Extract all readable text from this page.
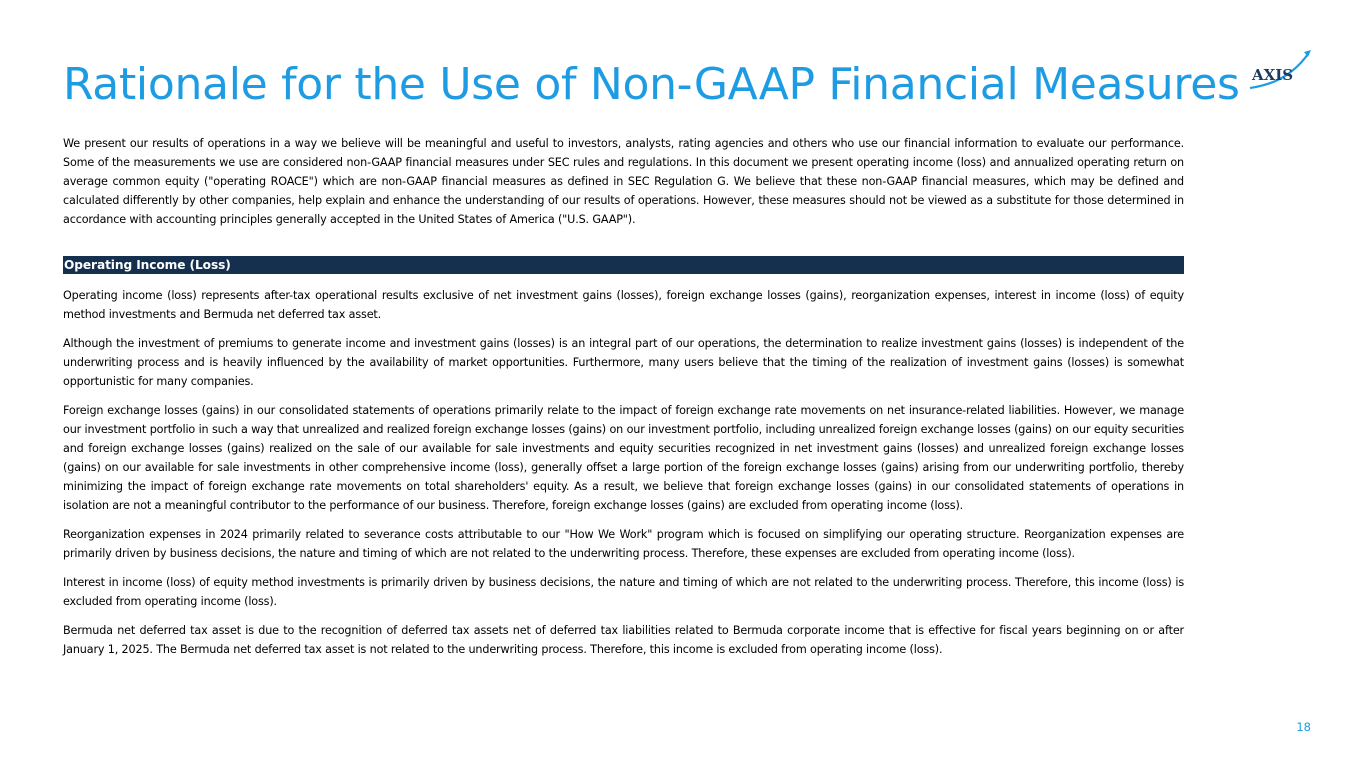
Rationale for the Use of Non-GAAP Financial Measures AXIS

We present our results of operations in a way we believe will be meaningful and useful to investors, analysts, rating agencies and others who use our financial information to evaluate our performance. Some of the measurements we use are considered non-GAAP financial measures under SEC rules and regulations. In this document we present operating income (loss) and annualized operating return on average common equity ("operating ROACE") which are non-GAAP financial measures as defined in SEC Regulation G. We believe that these non-GAAP financial measures, which may be defined and calculated differently by other companies, help explain and enhance the understanding of our results of operations. However, these measures should not be viewed as a substitute for those determined in accordance with accounting principles generally accepted in the United States of America ("U.S. GAAP").

Operating Income (Loss)

Operating income (loss) represents after-tax operational results exclusive of net investment gains (losses), foreign exchange losses (gains), reorganization expenses, interest in income (loss) of equity method investments and Bermuda net deferred tax asset.

Although the investment of premiums to generate income and investment gains (losses) is an integral part of our operations, the determination to realize investment gains (losses) is independent of the underwriting process and is heavily influenced by the availability of market opportunities. Furthermore, many users believe that the timing of the realization of investment gains (losses) is somewhat opportunistic for many companies.

Foreign exchange losses (gains) in our consolidated statements of operations primarily relate to the impact of foreign exchange rate movements on net insurance-related liabilities. However, we manage our investment portfolio in such a way that unrealized and realized foreign exchange losses (gains) on our investment portfolio, including unrealized foreign exchange losses (gains) on our equity securities and foreign exchange losses (gains) realized on the sale of our available for sale investments and equity securities recognized in net investment gains (losses) and unrealized foreign exchange losses (gains) on our available for sale investments in other comprehensive income (loss), generally offset a large portion of the foreign exchange losses (gains) arising from our underwriting portfolio, thereby minimizing the impact of foreign exchange rate movements on total shareholders' equity. As a result, we believe that foreign exchange losses (gains) in our consolidated statements of operations in isolation are not a meaningful contributor to the performance of our business. Therefore, foreign exchange losses (gains) are excluded from operating income (loss).

Reorganization expenses in 2024 primarily related to severance costs attributable to our "How We Work" program which is focused on simplifying our operating structure. Reorganization expenses are primarily driven by business decisions, the nature and timing of which are not related to the underwriting process. Therefore, these expenses are excluded from operating income (loss).

Interest in income (loss) of equity method investments is primarily driven by business decisions, the nature and timing of which are not related to the underwriting process. Therefore, this income (loss) is excluded from operating income (loss).

Bermuda net deferred tax asset is due to the recognition of deferred tax assets net of deferred tax liabilities related to Bermuda corporate income that is effective for fiscal years beginning on or after January 1, 2025. The Bermuda net deferred tax asset is not related to the underwriting process. Therefore, this income is excluded from operating income (loss).

18
